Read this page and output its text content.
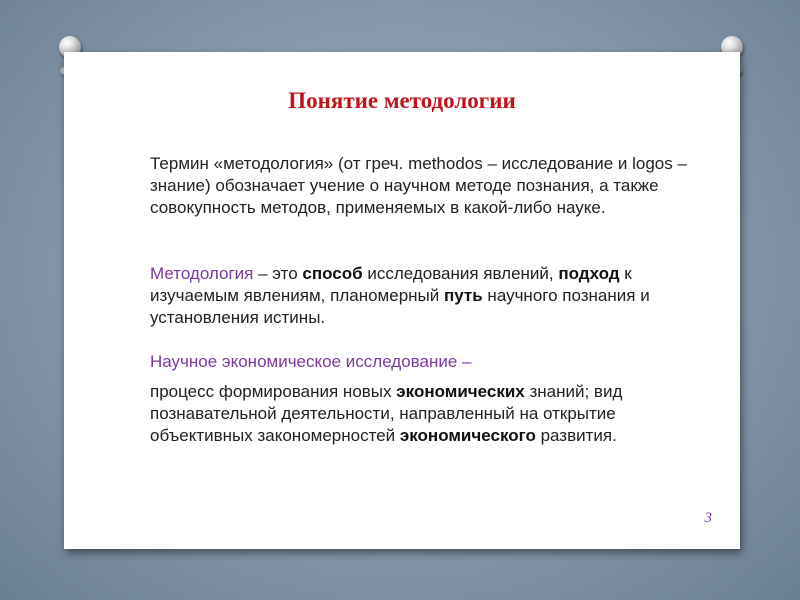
Понятие методологии
Термин «методология» (от греч. methodos – исследование и logos – знание) обозначает учение о научном методе познания, а также совокупность методов, применяемых в какой-либо науке.
Методология – это способ исследования явлений, подход к изучаемым явлениям, планомерный путь научного познания и установления истины.
Научное экономическое исследование –
процесс формирования новых экономических знаний; вид познавательной деятельности, направленный на открытие объективных закономерностей экономического развития.
3
